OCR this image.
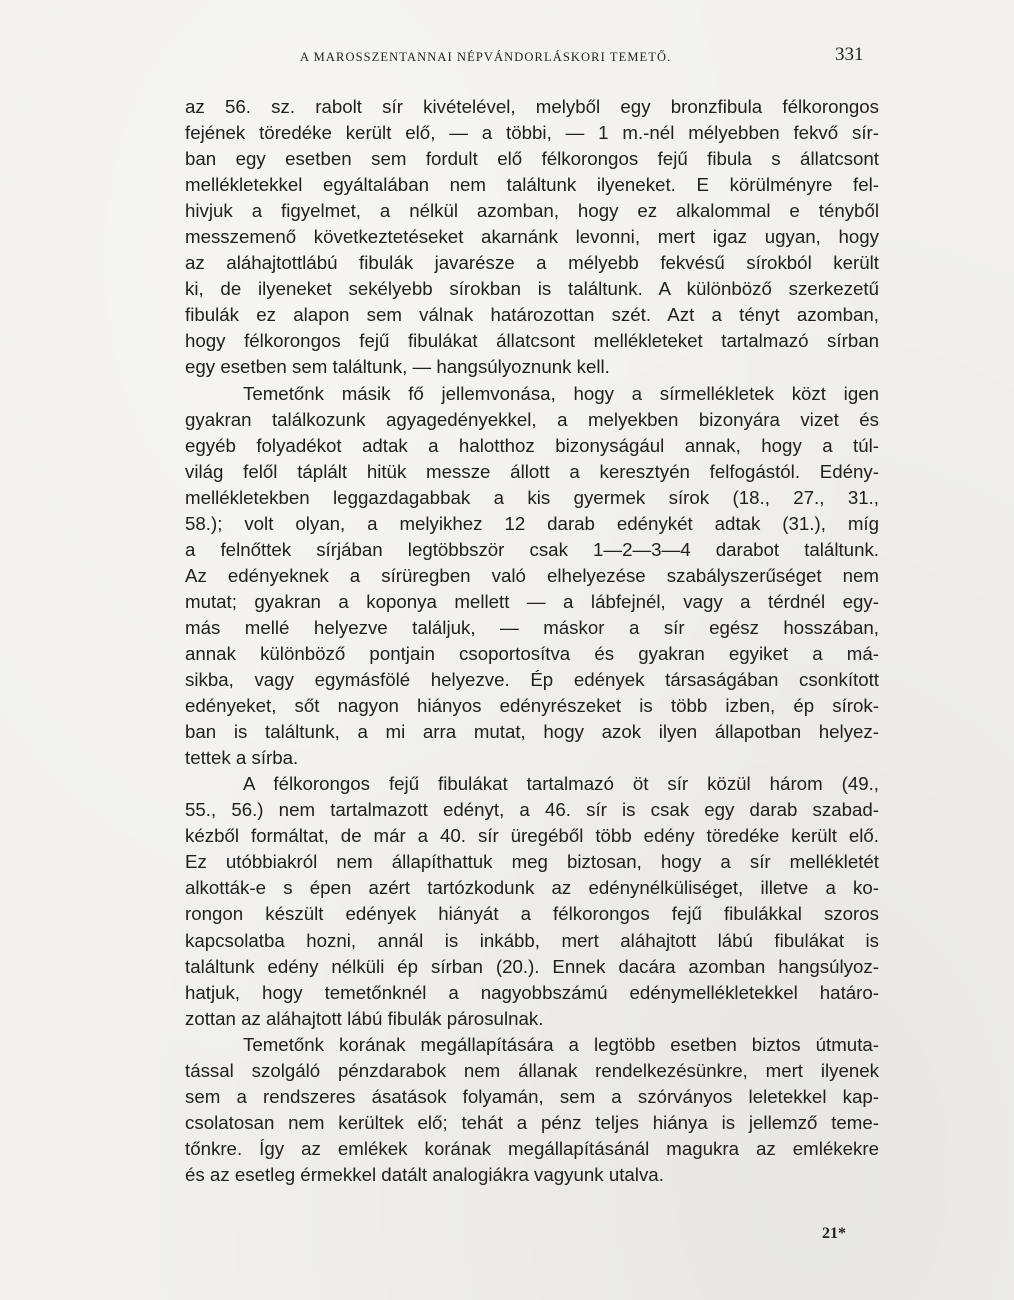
A MAROSSZENTANNAI NÉPVÁNDORLÁSKORI TEMETŐ.	331
az 56. sz. rabolt sír kivételével, melyből egy bronzfibula félkorongos
fejének töredéke került elő, — a többi, — 1 m.-nél mélyebben fekvő sír-
ban egy esetben sem fordult elő félkorongos fejű fibula s állatcsont
mellékletekkel egyáltalában nem találtunk ilyeneket. E körülményre fel-
hivjuk a figyelmet, a nélkül azomban, hogy ez alkalommal e tényből
messzemenő következtetéseket akarnánk levonni, mert igaz ugyan, hogy
az aláhajtottlábú fibulák javarésze a mélyebb fekvésű sírokból került
ki, de ilyeneket sekélyebb sírokban is találtunk. A különböző szerkezetű
fibulák ez alapon sem válnak határozottan szét. Azt a tényt azomban,
hogy félkorongos fejű fibulákat állatcsont mellékleteket tartalmazó sírban
egy esetben sem találtunk, — hangsúlyoznunk kell.
Temetőnk másik fő jellemvonása, hogy a sírmellékletek közt igen
gyakran találkozunk agyagedényekkel, a melyekben bizonyára vizet és
egyéb folyadékot adtak a halotthoz bizonyságául annak, hogy a túl-
világ felől táplált hitük messze állott a keresztyén felfogástól. Edény-
mellékletekben leggazdagabbak a kis gyermek sírok (18., 27., 31.,
58.); volt olyan, a melyikhez 12 darab edénykét adtak (31.), míg
a felnőttek sírjában legtöbbször csak 1—2—3—4 darabot találtunk.
Az edényeknek a sírüregben való elhelyezése szabályszerűséget nem
mutat; gyakran a koponya mellett — a lábfejnél, vagy a térdnél egy-
más mellé helyezve találjuk, — máskor a sír egész hosszában,
annak különböző pontjain csoportosítva és gyakran egyiket a má-
sikba, vagy egymásfölé helyezve. Ép edények társaságában csonkított
edényeket, sőt nagyon hiányos edényrészeket is több izben, ép sírok-
ban is találtunk, a mi arra mutat, hogy azok ilyen állapotban helyez-
tettek a sírba.
A félkorongos fejű fibulákat tartalmazó öt sír közül három (49.,
55., 56.) nem tartalmazott edényt, a 46. sír is csak egy darab szabad-
kézből formáltat, de már a 40. sír üregéből több edény töredéke került elő.
Ez utóbbiakról nem állapíthattuk meg biztosan, hogy a sír mellékletét
alkották-e s épen azért tartózkodunk az edénynélküliséget, illetve a ko-
rongon készült edények hiányát a félkorongos fejű fibulákkal szoros
kapcsolatba hozni, annál is inkább, mert aláhajtott lábú fibulákat is
találtunk edény nélküli ép sírban (20.). Ennek dacára azomban hangsúlyoz-
hatjuk, hogy temetőnknél a nagyobbszámú edénymellékletekkel határo-
zottan az aláhajtott lábú fibulák párosulnak.
Temetőnk korának megállapítására a legtöbb esetben biztos útmuta-
tással szolgáló pénzdarabok nem állanak rendelkezésünkre, mert ilyenek
sem a rendszeres ásatások folyamán, sem a szórványos leletekkel kap-
csolatosan nem kerültek elő; tehát a pénz teljes hiánya is jellemző teme-
tőnkre. Így az emlékek korának megállapításánál magukra az emlékekre
és az esetleg érmekkel datált analogiákra vagyunk utalva.
21*
